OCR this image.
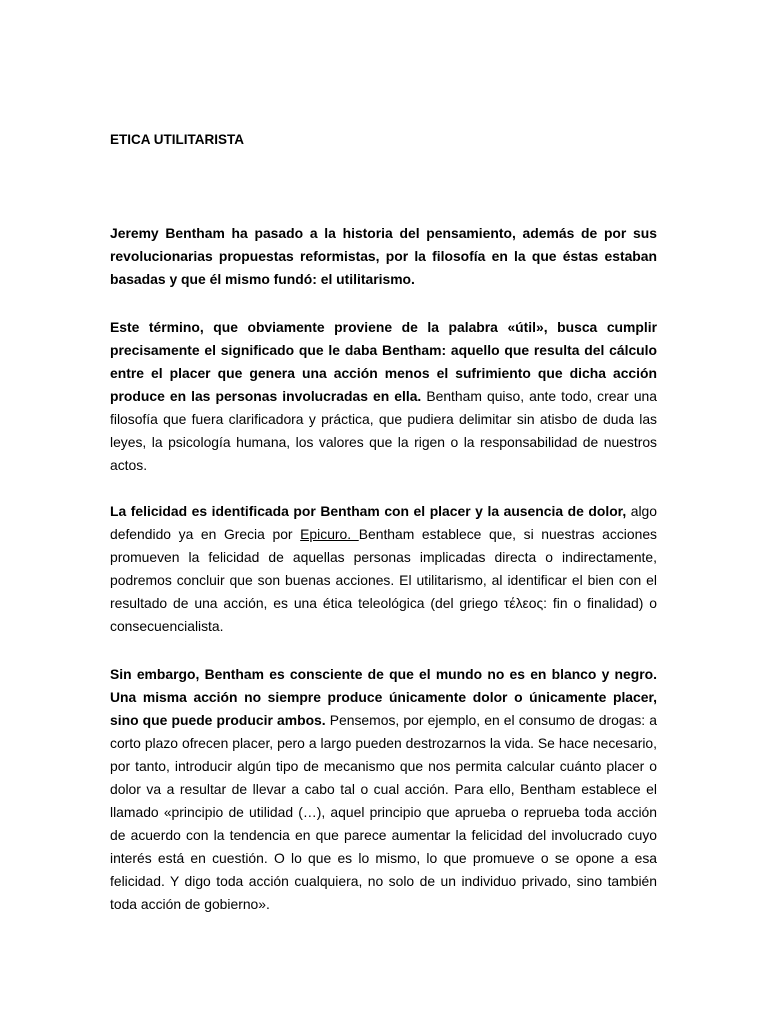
ETICA UTILITARISTA

Jeremy Bentham ha pasado a la historia del pensamiento, además de por sus revolucionarias propuestas reformistas, por la filosofía en la que éstas estaban basadas y que él mismo fundó: el utilitarismo.

Este término, que obviamente proviene de la palabra «útil», busca cumplir precisamente el significado que le daba Bentham: aquello que resulta del cálculo entre el placer que genera una acción menos el sufrimiento que dicha acción produce en las personas involucradas en ella. Bentham quiso, ante todo, crear una filosofía que fuera clarificadora y práctica, que pudiera delimitar sin atisbo de duda las leyes, la psicología humana, los valores que la rigen o la responsabilidad de nuestros actos.

La felicidad es identificada por Bentham con el placer y la ausencia de dolor, algo defendido ya en Grecia por Epicuro. Bentham establece que, si nuestras acciones promueven la felicidad de aquellas personas implicadas directa o indirectamente, podremos concluir que son buenas acciones. El utilitarismo, al identificar el bien con el resultado de una acción, es una ética teleológica (del griego τέλεος: fin o finalidad) o consecuencialista.

Sin embargo, Bentham es consciente de que el mundo no es en blanco y negro. Una misma acción no siempre produce únicamente dolor o únicamente placer, sino que puede producir ambos. Pensemos, por ejemplo, en el consumo de drogas: a corto plazo ofrecen placer, pero a largo pueden destrozarnos la vida. Se hace necesario, por tanto, introducir algún tipo de mecanismo que nos permita calcular cuánto placer o dolor va a resultar de llevar a cabo tal o cual acción. Para ello, Bentham establece el llamado «principio de utilidad (…), aquel principio que aprueba o reprueba toda acción de acuerdo con la tendencia en que parece aumentar la felicidad del involucrado cuyo interés está en cuestión. O lo que es lo mismo, lo que promueve o se opone a esa felicidad. Y digo toda acción cualquiera, no solo de un individuo privado, sino también toda acción de gobierno».
